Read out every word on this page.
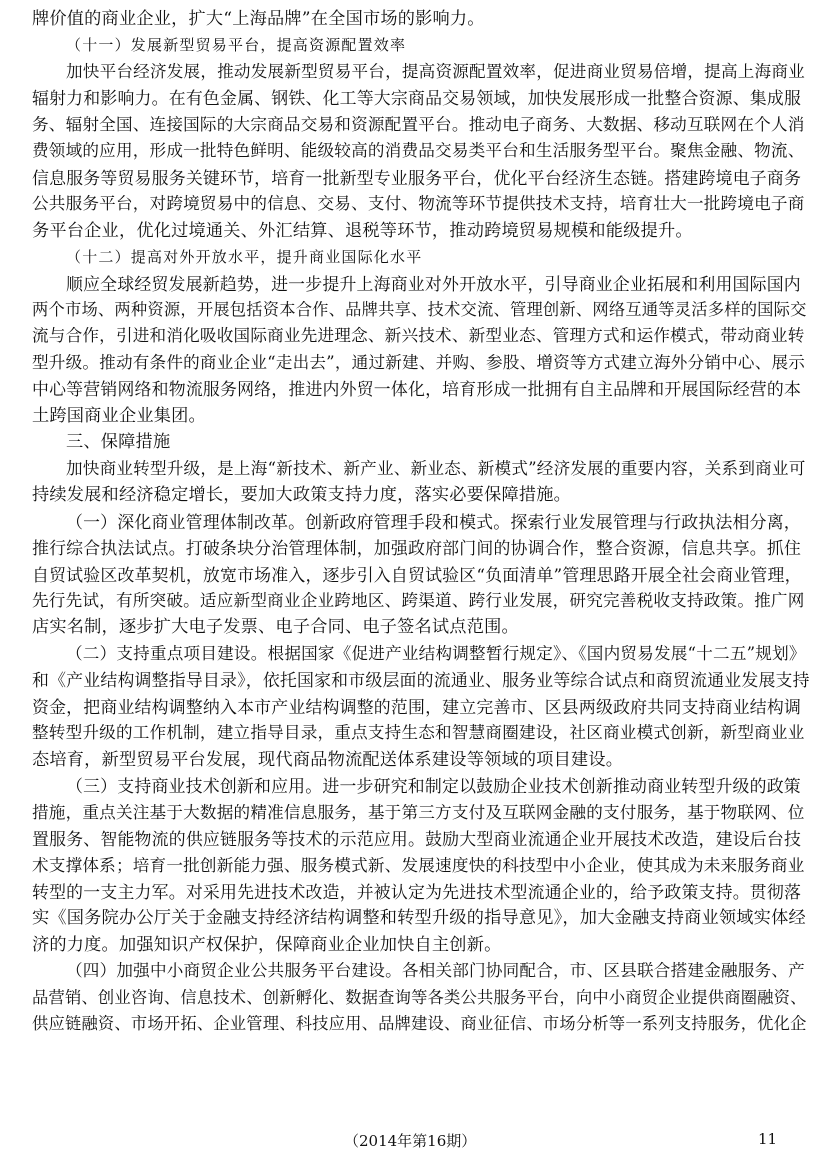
牌价值的商业企业，扩大“上海品牌”在全国市场的影响力。
（十一）发展新型贸易平台，提高资源配置效率
加快平台经济发展，推动发展新型贸易平台，提高资源配置效率，促进商业贸易倍增，提高上海商业
辐射力和影响力。在有色金属、钢铁、化工等大宗商品交易领域，加快发展形成一批整合资源、集成服
务、辐射全国、连接国际的大宗商品交易和资源配置平台。推动电子商务、大数据、移动互联网在个人消
费领域的应用，形成一批特色鲜明、能级较高的消费品交易类平台和生活服务型平台。聚焦金融、物流、
信息服务等贸易服务关键环节，培育一批新型专业服务平台，优化平台经济生态链。搭建跨境电子商务
公共服务平台，对跨境贸易中的信息、交易、支付、物流等环节提供技术支持，培育壮大一批跨境电子商
务平台企业，优化过境通关、外汇结算、退税等环节，推动跨境贸易规模和能级提升。
（十二）提高对外开放水平，提升商业国际化水平
顺应全球经贸发展新趋势，进一步提升上海商业对外开放水平，引导商业企业拓展和利用国际国内
两个市场、两种资源，开展包括资本合作、品牌共享、技术交流、管理创新、网络互通等灵活多样的国际交
流与合作，引进和消化吸收国际商业先进理念、新兴技术、新型业态、管理方式和运作模式，带动商业转
型升级。推动有条件的商业企业“走出去”，通过新建、并购、参股、增资等方式建立海外分销中心、展示
中心等营销网络和物流服务网络，推进内外贸一体化，培育形成一批拥有自主品牌和开展国际经营的本
土跨国商业企业集团。
三、保障措施
加快商业转型升级，是上海“新技术、新产业、新业态、新模式”经济发展的重要内容，关系到商业可
持续发展和经济稳定增长，要加大政策支持力度，落实必要保障措施。
（一）深化商业管理体制改革。创新政府管理手段和模式。探索行业发展管理与行政执法相分离，
推行综合执法试点。打破条块分治管理体制，加强政府部门间的协调合作，整合资源，信息共享。抓住
自贸试验区改革契机，放宽市场准入，逐步引入自贸试验区“负面清单”管理思路开展全社会商业管理，
先行先试，有所突破。适应新型商业企业跨地区、跨渠道、跨行业发展，研究完善税收支持政策。推广网
店实名制，逐步扩大电子发票、电子合同、电子签名试点范围。
（二）支持重点项目建设。根据国家《促进产业结构调整暂行规定》、《国内贸易发展“十二五”规划》
和《产业结构调整指导目录》，依托国家和市级层面的流通业、服务业等综合试点和商贸流通业发展支持
资金，把商业结构调整纳入本市产业结构调整的范围，建立完善市、区县两级政府共同支持商业结构调
整转型升级的工作机制，建立指导目录，重点支持生态和智慧商圈建设，社区商业模式创新，新型商业业
态培育，新型贸易平台发展，现代商品物流配送体系建设等领域的项目建设。
（三）支持商业技术创新和应用。进一步研究和制定以鼓励企业技术创新推动商业转型升级的政策
措施，重点关注基于大数据的精准信息服务，基于第三方支付及互联网金融的支付服务，基于物联网、位
置服务、智能物流的供应链服务等技术的示范应用。鼓励大型商业流通企业开展技术改造，建设后台技
术支撑体系；培育一批创新能力强、服务模式新、发展速度快的科技型中小企业，使其成为未来服务商业
转型的一支主力军。对采用先进技术改造，并被认定为先进技术型流通企业的，给予政策支持。贯彻落
实《国务院办公厅关于金融支持经济结构调整和转型升级的指导意见》，加大金融支持商业领域实体经
济的力度。加强知识产权保护，保障商业企业加快自主创新。
（四）加强中小商贸企业公共服务平台建设。各相关部门协同配合，市、区县联合搭建金融服务、产
品营销、创业咨询、信息技术、创新孵化、数据查询等各类公共服务平台，向中小商贸企业提供商圈融资、
供应链融资、市场开拓、企业管理、科技应用、品牌建设、商业征信、市场分析等一系列支持服务，优化企
（2014年第16期）	11
